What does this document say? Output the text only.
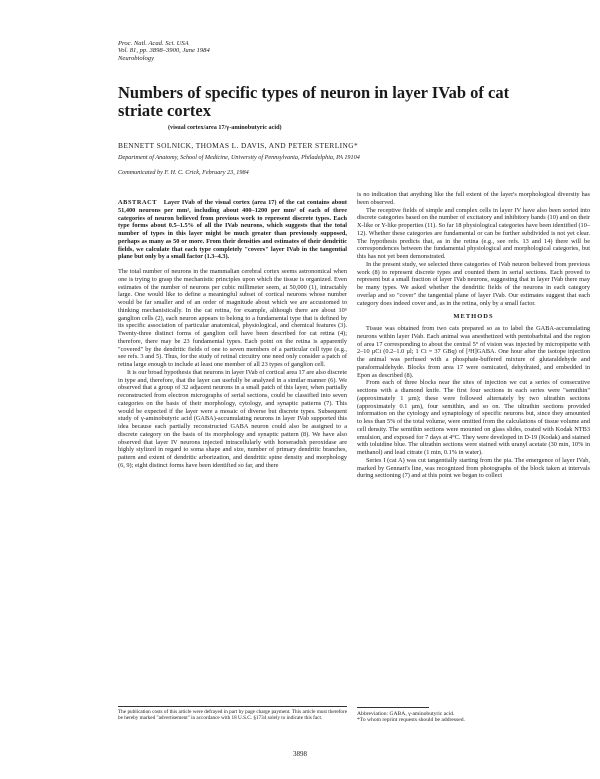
Proc. Natl. Acad. Sci. USA
Vol. 81, pp. 3898–3900, June 1984
Neurobiology
Numbers of specific types of neuron in layer IVab of cat striate cortex
(visual cortex/area 17/γ-aminobutyric acid)
BENNETT SOLNICK, THOMAS L. DAVIS, AND PETER STERLING*
Department of Anatomy, School of Medicine, University of Pennsylvania, Philadelphia, PA 19104
Communicated by F. H. C. Crick, February 23, 1984

ABSTRACT Layer IVab of the visual cortex (area 17) of the cat contains about 51,400 neurons per mm², including about 400–1200 per mm² of each of three categories of neuron believed from previous work to represent discrete types. Each type forms about 0.5–1.5% of all the IVab neurons, which suggests that the total number of types in this layer might be much greater than previously supposed, perhaps as many as 50 or more. From their densities and estimates of their dendritic fields, we calculate that each type completely "covers" layer IVab in the tangential plane but only by a small factor (1.3–4.3).

The total number of neurons in the mammalian cerebral cortex seems astronomical when one is trying to grasp the mechanistic principles upon which the tissue is organized. Even estimates of the number of neurons per cubic millimeter seem, at 50,000 (1), intractably large. One would like to define a meaningful subset of cortical neurons whose number would be far smaller and of an order of magnitude about which we are accustomed to thinking mechanistically. In the cat retina, for example, although there are about 10⁵ ganglion cells (2), each neuron appears to belong to a fundamental type that is defined by its specific association of particular anatomical, physiological, and chemical features (3). Twenty-three distinct forms of ganglion cell have been described for cat retina (4); therefore, there may be 23 fundamental types. Each point on the retina is apparently "covered" by the dendritic fields of one to seven members of a particular cell type (e.g., see refs. 3 and 5). Thus, for the study of retinal circuitry one need only consider a patch of retina large enough to include at least one member of all 23 types of ganglion cell.

It is our broad hypothesis that neurons in layer IVab of cortical area 17 are also discrete in type and, therefore, that the layer can usefully be analyzed in a similar manner (6). We observed that a group of 32 adjacent neurons in a small patch of this layer, when partially reconstructed from electron micrographs of serial sections, could be classified into seven categories on the basis of their morphology, cytology, and synaptic patterns (7). This would be expected if the layer were a mosaic of diverse but discrete types. Subsequent study of γ-aminobutyric acid (GABA)-accumulating neurons in layer IVab supported this idea because each partially reconstructed GABA neuron could also be assigned to a discrete category on the basis of its morphology and synaptic pattern (8). We have also observed that layer IV neurons injected intracellularly with horseradish peroxidase are highly stylized in regard to soma shape and size, number of primary dendritic branches, pattern and extent of dendritic arborization, and dendritic spine density and morphology (6, 9); eight distinct forms have been identified so far, and there

is no indication that anything like the full extent of the layer's morphological diversity has been observed.

The receptive fields of simple and complex cells in layer IV have also been sorted into discrete categories based on the number of excitatory and inhibitory bands (10) and on their X-like or Y-like properties (11). So far 18 physiological categories have been identified (10–12). Whether these categories are fundamental or can be further subdivided is not yet clear. The hypothesis predicts that, as in the retina (e.g., see refs. 13 and 14) there will be correspondences between the fundamental physiological and morphological categories, but this has not yet been demonstrated.

In the present study, we selected three categories of IVab neuron believed from previous work (8) to represent discrete types and counted them in serial sections. Each proved to represent but a small fraction of layer IVab neurons, suggesting that in layer IVab there may be many types. We asked whether the dendritic fields of the neurons in each category overlap and so "cover" the tangential plane of layer IVab. Our estimates suggest that each category does indeed cover and, as in the retina, only by a small factor.

METHODS

Tissue was obtained from two cats prepared so as to label the GABA-accumulating neurons within layer IVab. Each animal was anesthetized with pentobarbital and the region of area 17 corresponding to about the central 5° of vision was injected by micropipette with 2–10 µCi (0.2–1.0 µl; 1 Ci = 37 GBq) of [³H]GABA. One hour after the isotope injection the animal was perfused with a phosphate-buffered mixture of glutaraldehyde and paraformaldehyde. Blocks from area 17 were osmicated, dehydrated, and embedded in Epon as described (8).

From each of three blocks near the sites of injection we cut a series of consecutive sections with a diamond knife. The first four sections in each series were "semithin" (approximately 1 µm); these were followed alternately by two ultrathin sections (approximately 0.1 µm), four semithin, and so on. The ultrathin sections provided information on the cytology and synaptology of specific neurons but, since they amounted to less than 5% of the total volume, were omitted from the calculations of tissue volume and cell density. The semithin sections were mounted on glass slides, coated with Kodak NTB3 emulsion, and exposed for 7 days at 4°C. They were developed in D-19 (Kodak) and stained with toluidine blue. The ultrathin sections were stained with uranyl acetate (30 min, 10% in methanol) and lead citrate (1 min, 0.1% in water).

Series I (cat A) was cut tangentially starting from the pia. The emergence of layer IVab, marked by Gennari's line, was recognized from photographs of the block taken at intervals during sectioning (7) and at this point we began to collect

The publication costs of this article were defrayed in part by page charge payment. This article must therefore be hereby marked "advertisement" in accordance with 18 U.S.C. §1734 solely to indicate this fact.
Abbreviation: GABA, γ-aminobutyric acid.
*To whom reprint requests should be addressed.
3898
